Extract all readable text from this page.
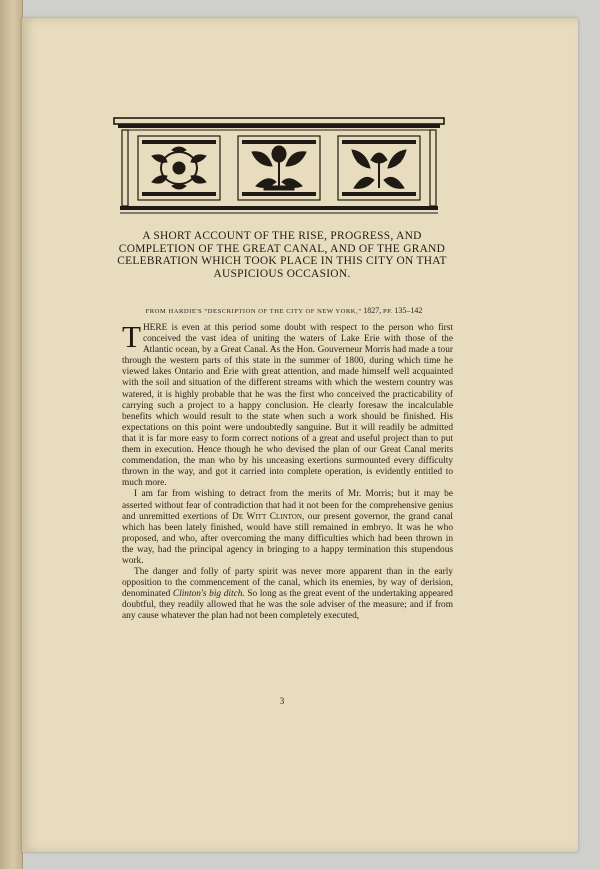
A SHORT ACCOUNT OF THE RISE, PROGRESS, AND COMPLETION OF THE GREAT CANAL, AND OF THE GRAND CELEBRATION WHICH TOOK PLACE IN THIS CITY ON THAT AUSPICIOUS OCCASION.
FROM HARDIE'S “DESCRIPTION OF THE CITY OF NEW YORK,” 1827, PP. 135–142

THERE is even at this period some doubt with respect to the person who first conceived the vast idea of uniting the waters of Lake Erie with those of the Atlantic ocean, by a Great Canal. As the Hon. Gouverneur Morris had made a tour through the western parts of this state in the summer of 1800, during which time he viewed lakes Ontario and Erie with great attention, and made himself well acquainted with the soil and situation of the different streams with which the western country was watered, it is highly probable that he was the first who conceived the practicability of carrying such a project to a happy conclusion. He clearly foresaw the incalculable benefits which would result to the state when such a work should be finished. His expectations on this point were undoubtedly sanguine. But it will readily be admitted that it is far more easy to form correct notions of a great and useful project than to put them in execution. Hence though he who devised the plan of our Great Canal merits commendation, the man who by his unceasing exertions surmounted every difficulty thrown in the way, and got it carried into complete operation, is evidently entitled to much more.

I am far from wishing to detract from the merits of Mr. Morris; but it may be asserted without fear of contradiction that had it not been for the comprehensive genius and unremitted exertions of De Witt Clinton, our present governor, the grand canal which has been lately finished, would have still remained in embryo. It was he who proposed, and who, after overcoming the many difficulties which had been thrown in the way, had the principal agency in bringing to a happy termination this stupendous work.

The danger and folly of party spirit was never more apparent than in the early opposition to the commencement of the canal, which its enemies, by way of derision, denominated Clinton's big ditch. So long as the great event of the undertaking appeared doubtful, they readily allowed that he was the sole adviser of the measure; and if from any cause whatever the plan had not been completely executed,

3
